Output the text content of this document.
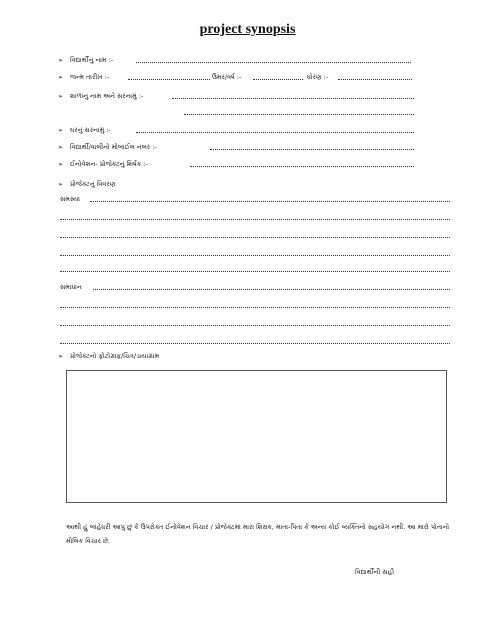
project synopsis
➢ વિદ્યાર્થીનું નામ :-
➢ જન્મ તારીખ :-	ઉમર/વર્ષ :-	ધોરણ :-
➢ શાળાનું નામ અને સરનામું :-
➢ ઘરનું સરનામું :-
➢ વિદ્યાર્થી/વાલીનો મોબાઈલ નંબર :-
➢ ઈનોવેશન- પ્રોજેક્ટનું શિર્ષક :-
➢ પ્રોજેક્ટનું વિવરણ
સમસ્યા
સમાધાન
➢ પ્રોજેક્ટનો ફોટોગ્રાફ/ચિત્ર/ડાયાગ્રામ
આથી હું બાંહેધરી આપુ છું કે ઉપરોક્ત ઈનોવેશન વિચાર / પ્રોજેક્ટમાં મારા શિક્ષક, માતા-પિતા કે અન્ય કોઈ વ્યક્તિનો સહયોગ નથી. આ મારો પોતાનો મૌલિક વિચાર છે.
વિદ્યાર્થીની સહી
